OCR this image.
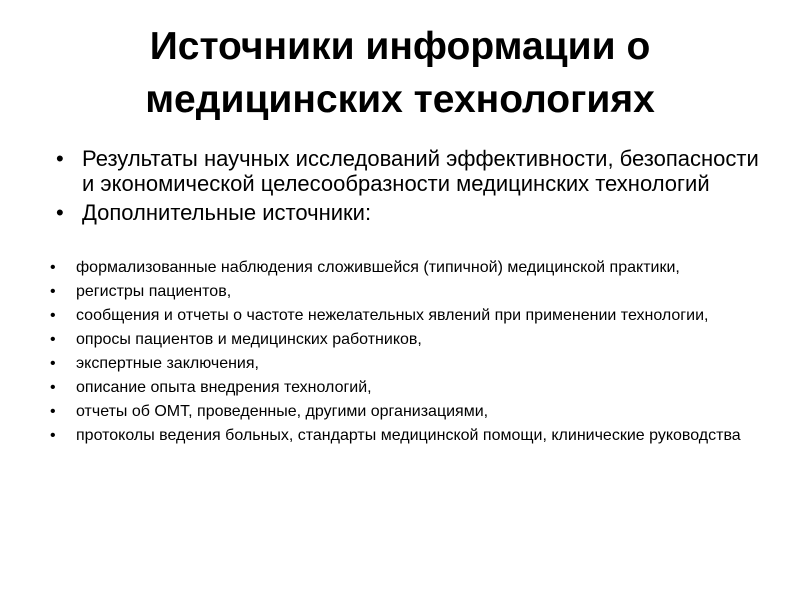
Источники информации о
медицинских технологиях
• Результаты научных исследований эффективности, безопасности и экономической целесообразности медицинских технологий
• Дополнительные источники:
• формализованные наблюдения сложившейся (типичной) медицинской практики,
• регистры пациентов,
• сообщения и отчеты о частоте нежелательных явлений при применении технологии,
• опросы пациентов и медицинских работников,
• экспертные заключения,
• описание опыта внедрения технологий,
• отчеты об ОМТ, проведенные, другими организациями,
• протоколы ведения больных, стандарты медицинской помощи, клинические руководства
